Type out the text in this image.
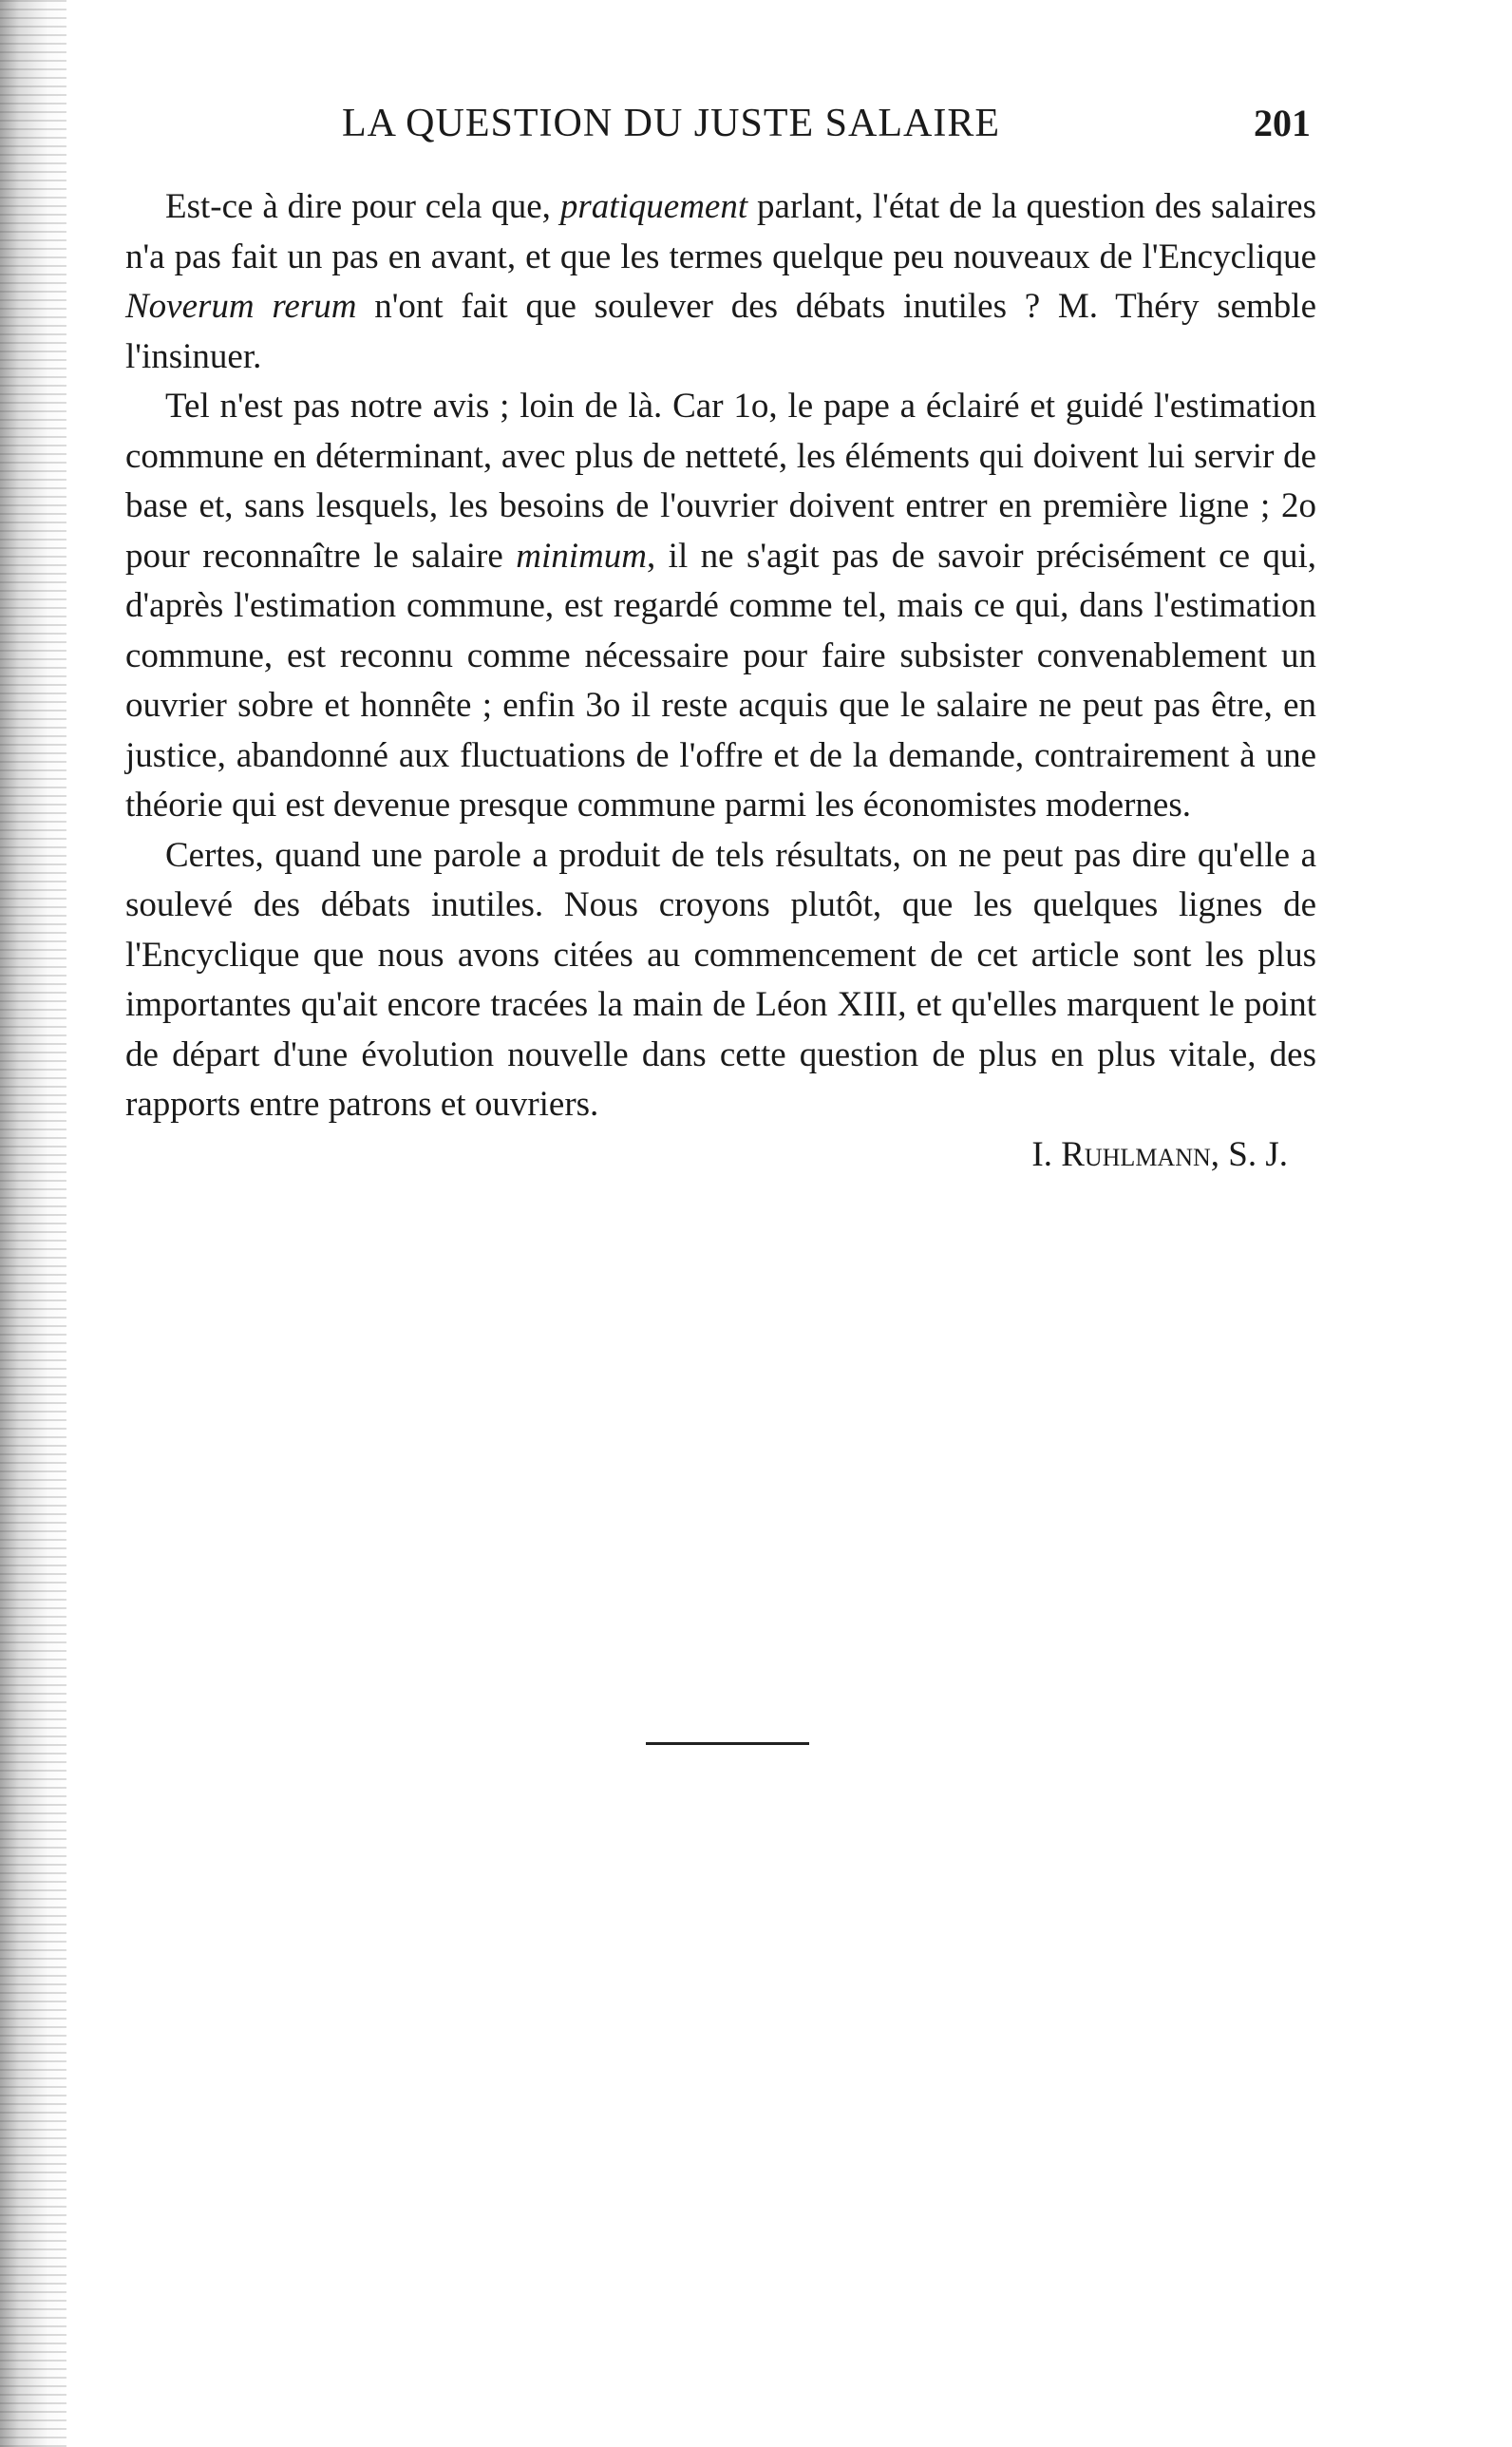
LA QUESTION DU JUSTE SALAIRE	201

Est-ce à dire pour cela que, pratiquement parlant, l'état de la question des salaires n'a pas fait un pas en avant, et que les termes quelque peu nouveaux de l'Encyclique Noverum rerum n'ont fait que soulever des débats inutiles ? M. Théry semble l'insinuer.

Tel n'est pas notre avis ; loin de là. Car 1o, le pape a éclairé et guidé l'estimation commune en déterminant, avec plus de netteté, les éléments qui doivent lui servir de base et, sans lesquels, les besoins de l'ouvrier doivent entrer en première ligne ; 2o pour reconnaître le salaire minimum, il ne s'agit pas de savoir précisément ce qui, d'après l'estimation commune, est regardé comme tel, mais ce qui, dans l'estimation commune, est reconnu comme nécessaire pour faire subsister convenablement un ouvrier sobre et honnête ; enfin 3o il reste acquis que le salaire ne peut pas être, en justice, abandonné aux fluctuations de l'offre et de la demande, contrairement à une théorie qui est devenue presque commune parmi les économistes modernes.

Certes, quand une parole a produit de tels résultats, on ne peut pas dire qu'elle a soulevé des débats inutiles. Nous croyons plutôt, que les quelques lignes de l'Encyclique que nous avons citées au commencement de cet article sont les plus importantes qu'ait encore tracées la main de Léon XIII, et qu'elles marquent le point de départ d'une évolution nouvelle dans cette question de plus en plus vitale, des rapports entre patrons et ouvriers.

I. Ruhlmann, S. J.
